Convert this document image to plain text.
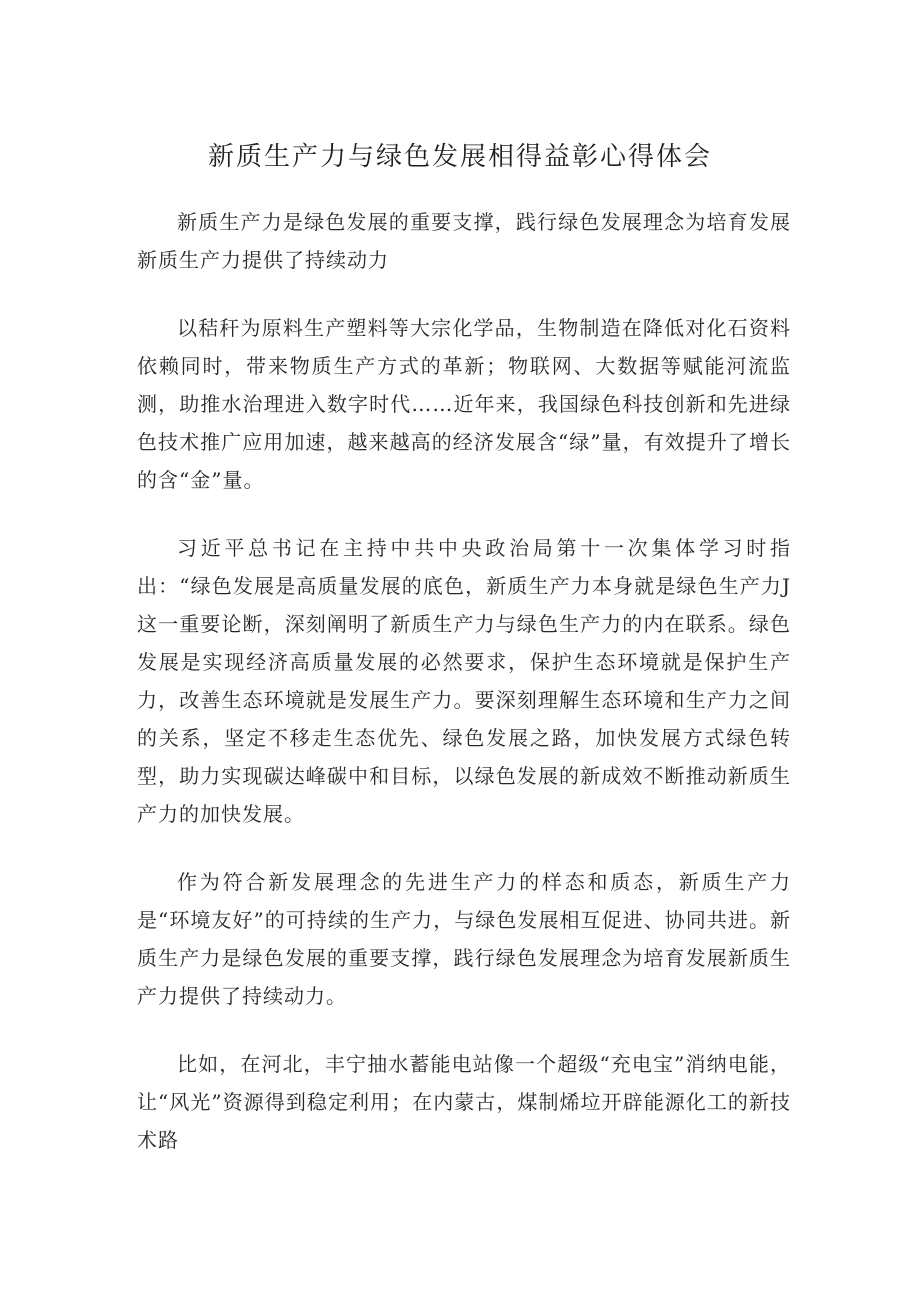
新质生产力与绿色发展相得益彰心得体会

新质生产力是绿色发展的重要支撑，践行绿色发展理念为培育发展新质生产力提供了持续动力

以秸秆为原料生产塑料等大宗化学品，生物制造在降低对化石资料依赖同时，带来物质生产方式的革新；物联网、大数据等赋能河流监测，助推水治理进入数字时代……近年来，我国绿色科技创新和先进绿色技术推广应用加速，越来越高的经济发展含“绿”量，有效提升了增长的含“金”量。

习近平总书记在主持中共中央政治局第十一次集体学习时指出：“绿色发展是高质量发展的底色，新质生产力本身就是绿色生产力J这一重要论断，深刻阐明了新质生产力与绿色生产力的内在联系。绿色发展是实现经济高质量发展的必然要求，保护生态环境就是保护生产力，改善生态环境就是发展生产力。要深刻理解生态环境和生产力之间的关系，坚定不移走生态优先、绿色发展之路，加快发展方式绿色转型，助力实现碳达峰碳中和目标，以绿色发展的新成效不断推动新质生产力的加快发展。

作为符合新发展理念的先进生产力的样态和质态，新质生产力是“环境友好”的可持续的生产力，与绿色发展相互促进、协同共进。新质生产力是绿色发展的重要支撑，践行绿色发展理念为培育发展新质生产力提供了持续动力。

比如，在河北，丰宁抽水蓄能电站像一个超级“充电宝”消纳电能，让“风光”资源得到稳定利用；在内蒙古，煤制烯垃开辟能源化工的新技术路
